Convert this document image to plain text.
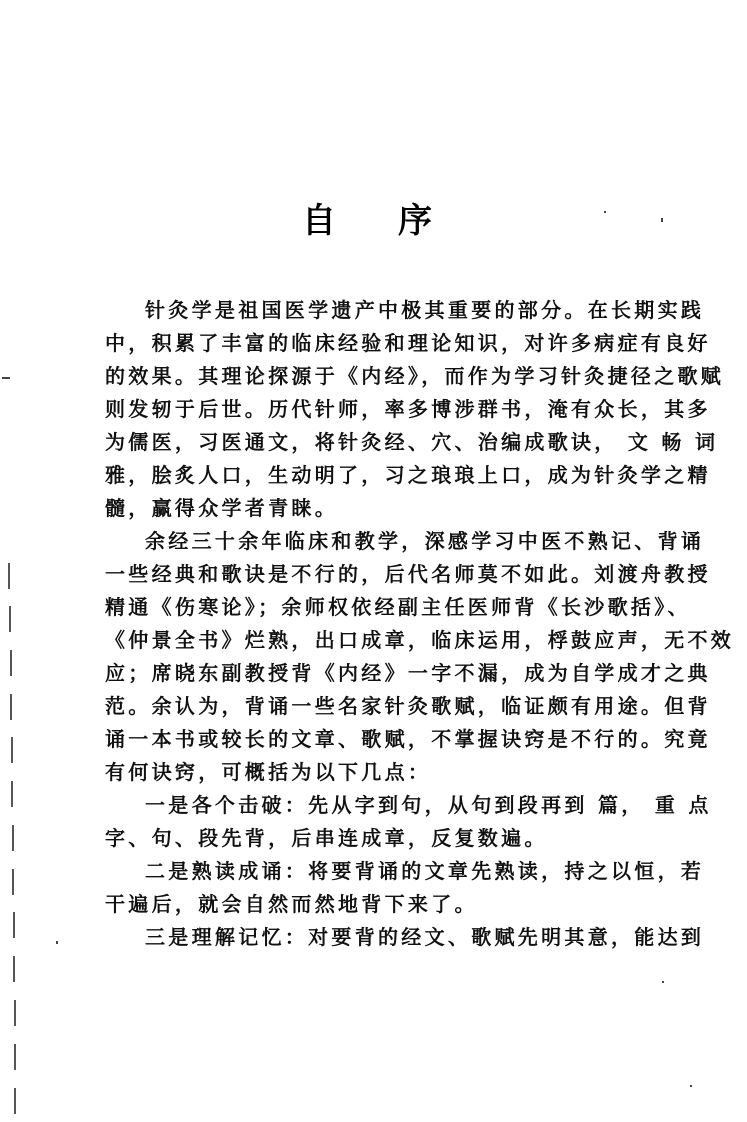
自 序
针灸学是祖国医学遗产中极其重要的部分。在长期实践
中，积累了丰富的临床经验和理论知识，对许多病症有良好
的效果。其理论探源于《内经》，而作为学习针灸捷径之歌赋
则发轫于后世。历代针师，率多博涉群书，淹有众长，其多
为儒医，习医通文，将针灸经、穴、治编成歌诀， 文 畅 词
雅，脍炙人口，生动明了，习之琅琅上口，成为针灸学之精
髓，赢得众学者青睐。
余经三十余年临床和教学，深感学习中医不熟记、背诵
一些经典和歌诀是不行的，后代名师莫不如此。刘渡舟教授
精通《伤寒论》；余师权依经副主任医师背《长沙歌括》、
《仲景全书》烂熟，出口成章，临床运用，桴鼓应声，无不效
应；席晓东副教授背《内经》一字不漏，成为自学成才之典
范。余认为，背诵一些名家针灸歌赋，临证颇有用途。但背
诵一本书或较长的文章、歌赋，不掌握诀窍是不行的。究竟
有何诀窍，可概括为以下几点：
一是各个击破：先从字到句，从句到段再到 篇， 重 点
字、句、段先背，后串连成章，反复数遍。
二是熟读成诵：将要背诵的文章先熟读，持之以恒，若
干遍后，就会自然而然地背下来了。
三是理解记忆：对要背的经文、歌赋先明其意，能达到
